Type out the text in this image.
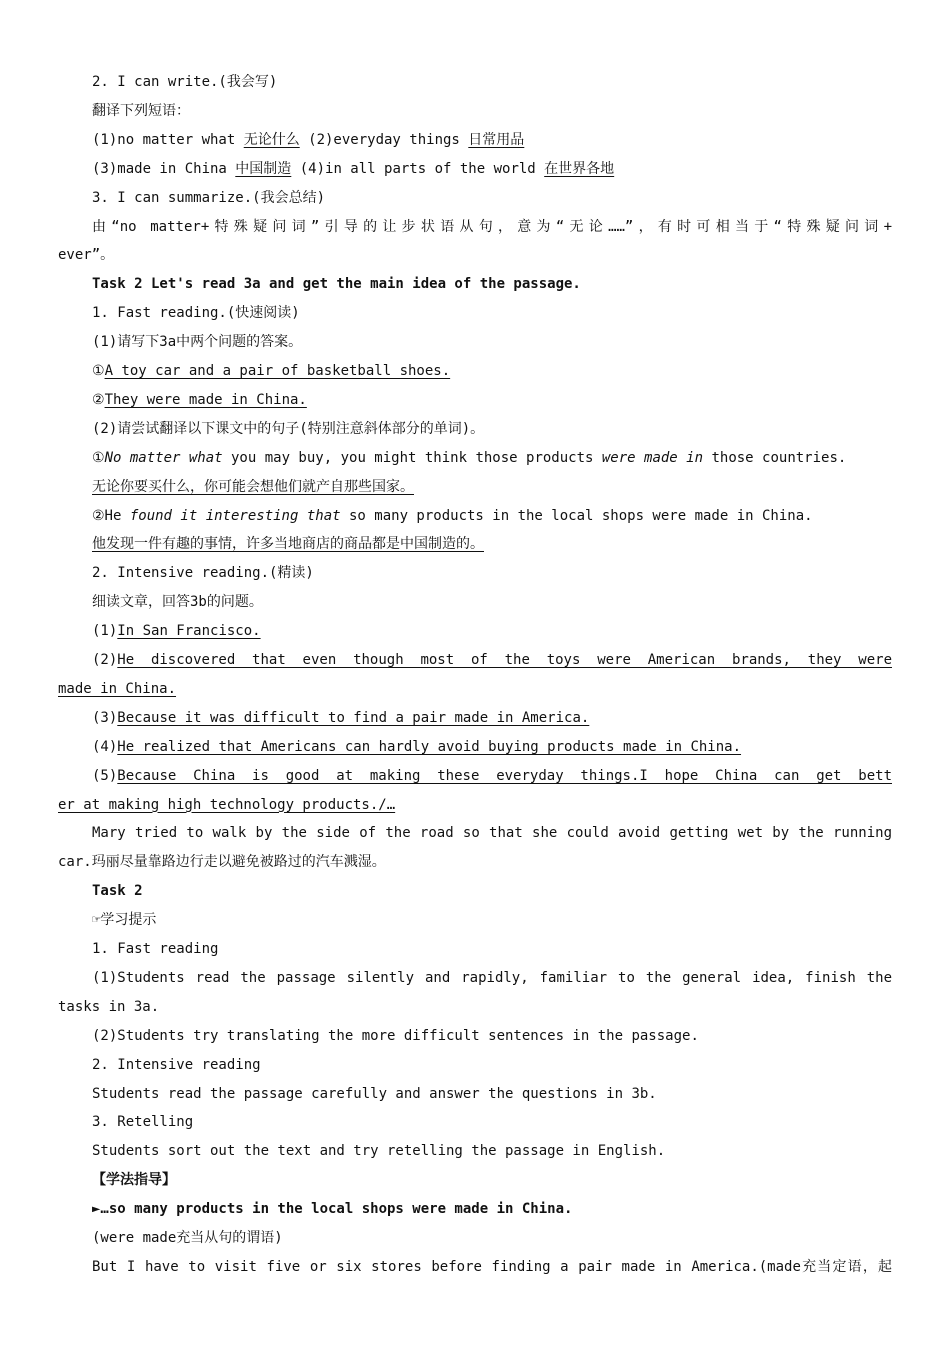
2. I can write.(我会写)
翻译下列短语：
(1)no matter what 无论什么 (2)everyday things 日常用品
(3)made in China 中国制造 (4)in all parts of the world 在世界各地
3. I can summarize.(我会总结)
由“no matter+特殊疑问词”引导的让步状语从句，意为“无论……”，有时可相当于“特殊疑问词+
ever”。
Task 2 Let's read 3a and get the main idea of the passage.
1. Fast reading.(快速阅读)
(1)请写下3a中两个问题的答案。
①A toy car and a pair of basketball shoes.
②They were made in China.
(2)请尝试翻译以下课文中的句子(特别注意斜体部分的单词)。
①No matter what you may buy, you might think those products were made in those countries.
无论你要买什么，你可能会想他们就产自那些国家。
②He found it interesting that so many products in the local shops were made in China.
他发现一件有趣的事情，许多当地商店的商品都是中国制造的。
2. Intensive reading.(精读)
细读文章，回答3b的问题。
(1)In San Francisco.
(2)He discovered that even though most of the toys were American brands, they were
made in China.
(3)Because it was difficult to find a pair made in America.
(4)He realized that Americans can hardly avoid buying products made in China.
(5)Because China is good at making these everyday things.I hope China can get bett
er at making high technology products./…
Mary tried to walk by the side of the road so that she could avoid getting wet by the running
car.玛丽尽量靠路边行走以避免被路过的汽车溅湿。
Task 2
☞学习提示
1. Fast reading
(1)Students read the passage silently and rapidly, familiar to the general idea, finish the
tasks in 3a.
(2)Students try translating the more difficult sentences in the passage.
2. Intensive reading
Students read the passage carefully and answer the questions in 3b.
3. Retelling
Students sort out the text and try retelling the passage in English.
【学法指导】
►…so many products in the local shops were made in China.
(were made充当从句的谓语)
But I have to visit five or six stores before finding a pair made in America.(made充当定语，起
